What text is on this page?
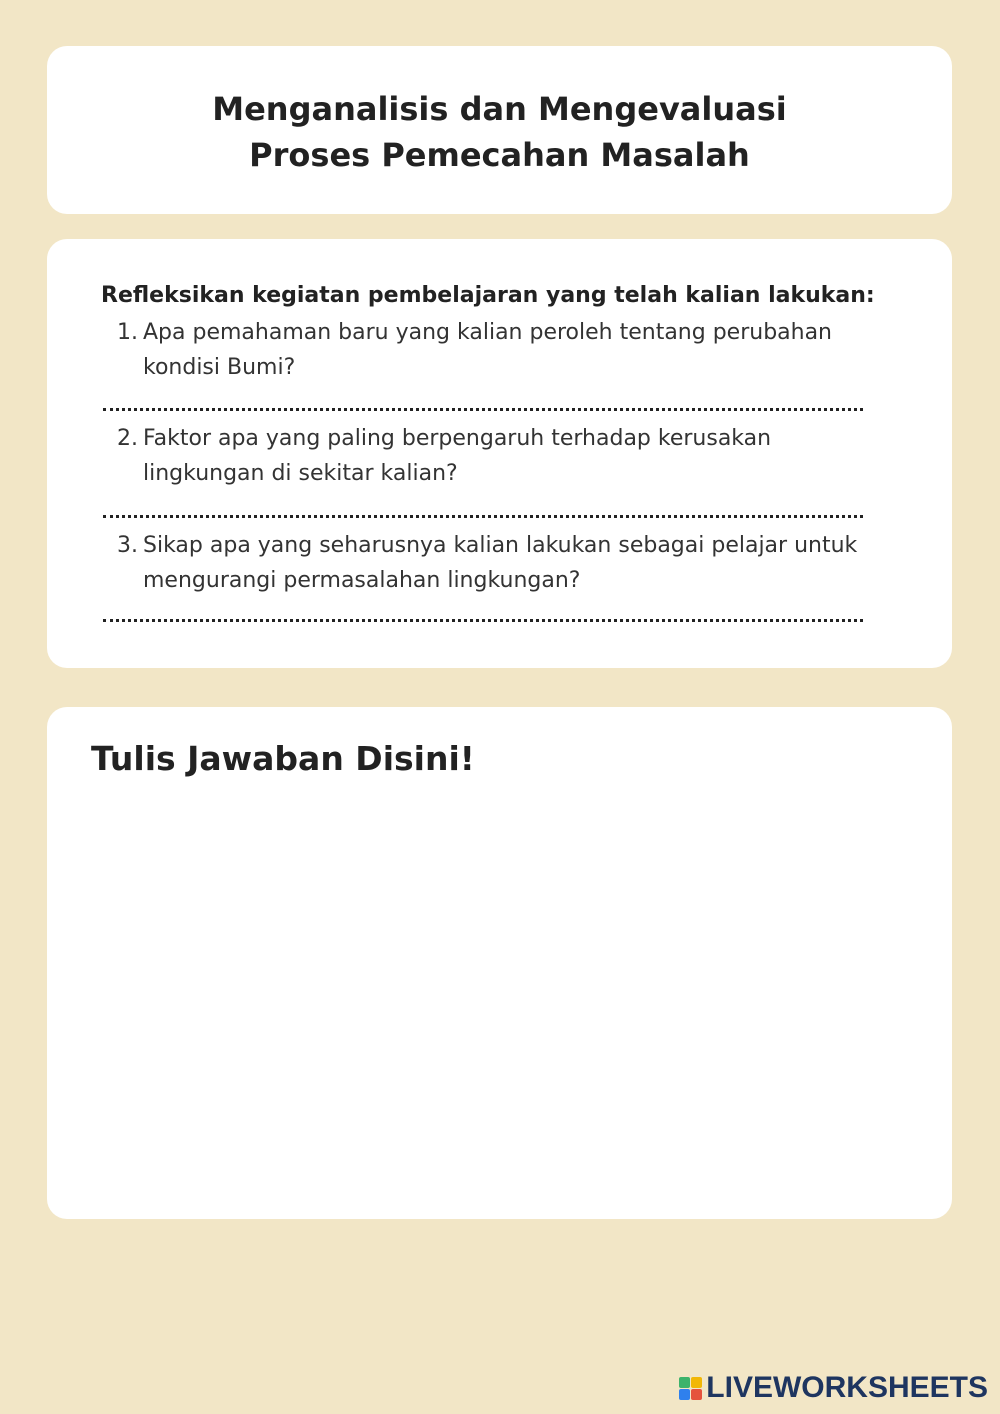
Menganalisis dan Mengevaluasi
Proses Pemecahan Masalah
Refleksikan kegiatan pembelajaran yang telah kalian lakukan:
1. Apa pemahaman baru yang kalian peroleh tentang perubahan kondisi Bumi?
2. Faktor apa yang paling berpengaruh terhadap kerusakan lingkungan di sekitar kalian?
3. Sikap apa yang seharusnya kalian lakukan sebagai pelajar untuk mengurangi permasalahan lingkungan?
Tulis Jawaban Disini!
LIVEWORKSHEETS
